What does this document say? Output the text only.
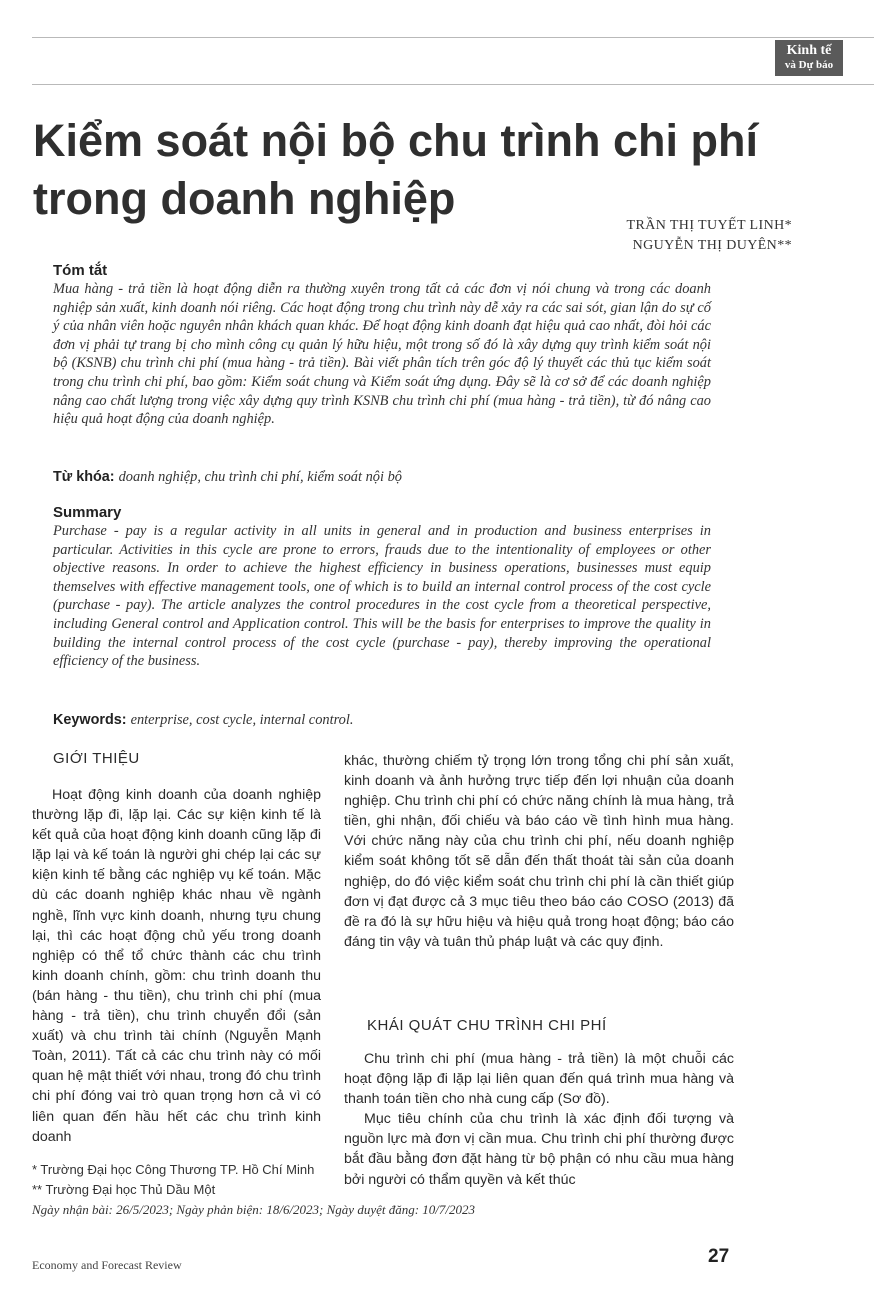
Kinh tế
và Dự báo
Kiểm soát nội bộ chu trình chi phí
trong doanh nghiệp
TRẦN THỊ TUYẾT LINH*
NGUYỄN THỊ DUYÊN**
Tóm tắt

Mua hàng - trả tiền là hoạt động diễn ra thường xuyên trong tất cả các đơn vị nói chung và trong các doanh nghiệp sản xuất, kinh doanh nói riêng. Các hoạt động trong chu trình này dễ xảy ra các sai sót, gian lận do sự cố ý của nhân viên hoặc nguyên nhân khách quan khác. Để hoạt động kinh doanh đạt hiệu quả cao nhất, đòi hỏi các đơn vị phải tự trang bị cho mình công cụ quản lý hữu hiệu, một trong số đó là xây dựng quy trình kiểm soát nội bộ (KSNB) chu trình chi phí (mua hàng - trả tiền). Bài viết phân tích trên góc độ lý thuyết các thủ tục kiểm soát trong chu trình chi phí, bao gồm: Kiểm soát chung và Kiểm soát ứng dụng. Đây sẽ là cơ sở để các doanh nghiệp nâng cao chất lượng trong việc xây dựng quy trình KSNB chu trình chi phí (mua hàng - trả tiền), từ đó nâng cao hiệu quả hoạt động của doanh nghiệp.

Từ khóa: doanh nghiệp, chu trình chi phí, kiểm soát nội bộ
Summary

Purchase - pay is a regular activity in all units in general and in production and business enterprises in particular. Activities in this cycle are prone to errors, frauds due to the intentionality of employees or other objective reasons. In order to achieve the highest efficiency in business operations, businesses must equip themselves with effective management tools, one of which is to build an internal control process of the cost cycle (purchase - pay). The article analyzes the control procedures in the cost cycle from a theoretical perspective, including General control and Application control. This will be the basis for enterprises to improve the quality in building the internal control process of the cost cycle (purchase - pay), thereby improving the operational efficiency of the business.

Keywords: enterprise, cost cycle, internal control.
GIỚI THIỆU
Hoạt động kinh doanh của doanh nghiệp thường lặp đi, lặp lại. Các sự kiện kinh tế là kết quả của hoạt động kinh doanh cũng lặp đi lặp lại và kế toán là người ghi chép lại các sự kiện kinh tế bằng các nghiệp vụ kế toán. Mặc dù các doanh nghiệp khác nhau về ngành nghề, lĩnh vực kinh doanh, nhưng tựu chung lại, thì các hoạt động chủ yếu trong doanh nghiệp có thể tổ chức thành các chu trình kinh doanh chính, gồm: chu trình doanh thu (bán hàng - thu tiền), chu trình chi phí (mua hàng - trả tiền), chu trình chuyển đổi (sản xuất) và chu trình tài chính (Nguyễn Mạnh Toàn, 2011). Tất cả các chu trình này có mối quan hệ mật thiết với nhau, trong đó chu trình chi phí đóng vai trò quan trọng hơn cả vì có liên quan đến hầu hết các chu trình kinh doanh
khác, thường chiếm tỷ trọng lớn trong tổng chi phí sản xuất, kinh doanh và ảnh hưởng trực tiếp đến lợi nhuận của doanh nghiệp. Chu trình chi phí có chức năng chính là mua hàng, trả tiền, ghi nhận, đối chiếu và báo cáo về tình hình mua hàng. Với chức năng này của chu trình chi phí, nếu doanh nghiệp kiểm soát không tốt sẽ dẫn đến thất thoát tài sản của doanh nghiệp, do đó việc kiểm soát chu trình chi phí là cần thiết giúp đơn vị đạt được cả 3 mục tiêu theo báo cáo COSO (2013) đã đề ra đó là sự hữu hiệu và hiệu quả trong hoạt động; báo cáo đáng tin vậy và tuân thủ pháp luật và các quy định.
KHÁI QUÁT CHU TRÌNH CHI PHÍ
Chu trình chi phí (mua hàng - trả tiền) là một chuỗi các hoạt động lặp đi lặp lại liên quan đến quá trình mua hàng và thanh toán tiền cho nhà cung cấp (Sơ đồ).
Mục tiêu chính của chu trình là xác định đối tượng và nguồn lực mà đơn vị cần mua. Chu trình chi phí thường được bắt đầu bằng đơn đặt hàng từ bộ phận có nhu cầu mua hàng bởi người có thẩm quyền và kết thúc
* Trường Đại học Công Thương TP. Hồ Chí Minh
** Trường Đại học Thủ Dầu Một
Ngày nhận bài: 26/5/2023; Ngày phản biện: 18/6/2023; Ngày duyệt đăng: 10/7/2023
Economy and Forecast Review	27
